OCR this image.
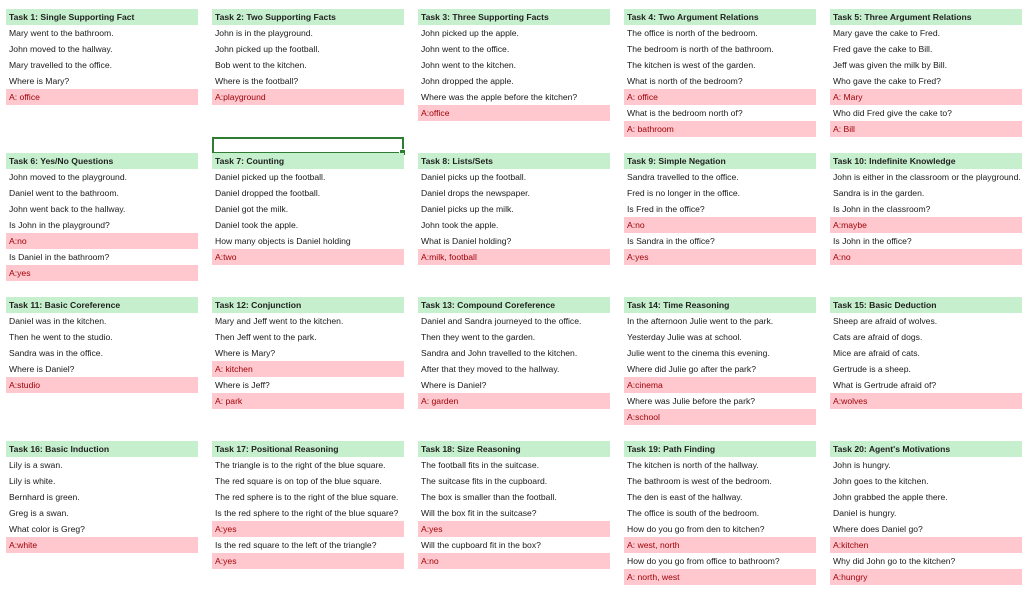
Task 1: Single Supporting Fact
Mary went to the bathroom.
John moved to the hallway.
Mary travelled to the office.
Where is Mary?
A: office
Task 2: Two Supporting Facts
John is in the playground.
John picked up the football.
Bob went to the kitchen.
Where is the football?
A:playground
Task 3: Three Supporting Facts
John picked up the apple.
John went to the office.
John went to the kitchen.
John dropped the apple.
Where was the apple before the kitchen?
A:office
Task 4: Two Argument Relations
The office is north of the bedroom.
The bedroom is north of the bathroom.
The kitchen is west of the garden.
What is north of the bedroom?
A: office
What is the bedroom north of?
A: bathroom
Task 5: Three Argument Relations
Mary gave the cake to Fred.
Fred gave the cake to Bill.
Jeff was given the milk by Bill.
Who gave the cake to Fred?
A: Mary
Who did Fred give the cake to?
A: Bill
Task 6: Yes/No Questions
John moved to the playground.
Daniel went to the bathroom.
John went back to the hallway.
Is John in the playground?
A:no
Is Daniel in the bathroom?
A:yes
Task 7: Counting
Daniel picked up the football.
Daniel dropped the football.
Daniel got the milk.
Daniel took the apple.
How many objects is Daniel holding
A:two
Task 8: Lists/Sets
Daniel picks up the football.
Daniel drops the newspaper.
Daniel picks up the milk.
John took the apple.
What is Daniel holding?
A:milk, football
Task 9: Simple Negation
Sandra travelled to the office.
Fred is no longer in the office.
Is Fred in the office?
A:no
Is Sandra in the office?
A:yes
Task 10: Indefinite Knowledge
John is either in the classroom or the playground.
Sandra is in the garden.
Is John in the classroom?
A:maybe
Is John in the office?
A:no
Task 11: Basic Coreference
Daniel was in the kitchen.
Then he went to the studio.
Sandra was in the office.
Where is Daniel?
A:studio
Task 12: Conjunction
Mary and Jeff went to the kitchen.
Then Jeff went to the park.
Where is Mary?
A: kitchen
Where is Jeff?
A: park
Task 13: Compound Coreference
Daniel and Sandra journeyed to the office.
Then they went to the garden.
Sandra and John travelled to the kitchen.
After that they moved to the hallway.
Where is Daniel?
A: garden
Task 14: Time Reasoning
In the afternoon Julie went to the park.
Yesterday Julie was at school.
Julie went to the cinema this evening.
Where did Julie go after the park?
A:cinema
Where was Julie before the park?
A:school
Task 15: Basic Deduction
Sheep are afraid of wolves.
Cats are afraid of dogs.
Mice are afraid of cats.
Gertrude is a sheep.
What is Gertrude afraid of?
A:wolves
Task 16: Basic Induction
Lily is a swan.
Lily is white.
Bernhard is green.
Greg is a swan.
What color is Greg?
A:white
Task 17: Positional Reasoning
The triangle is to the right of the blue square.
The red square is on top of the blue square.
The red sphere is to the right of the blue square.
Is the red sphere to the right of the blue square?
A:yes
Is the red square to the left of the triangle?
A:yes
Task 18: Size Reasoning
The football fits in the suitcase.
The suitcase fits in the cupboard.
The box is smaller than the football.
Will the box fit in the suitcase?
A:yes
Will the cupboard fit in the box?
A:no
Task 19: Path Finding
The kitchen is north of the hallway.
The bathroom is west of the bedroom.
The den is east of the hallway.
The office is south of the bedroom.
How do you go from den to kitchen?
A: west, north
How do you go from office to bathroom?
A: north, west
Task 20: Agent's Motivations
John is hungry.
John goes to the kitchen.
John grabbed the apple there.
Daniel is hungry.
Where does Daniel go?
A:kitchen
Why did John go to the kitchen?
A:hungry
